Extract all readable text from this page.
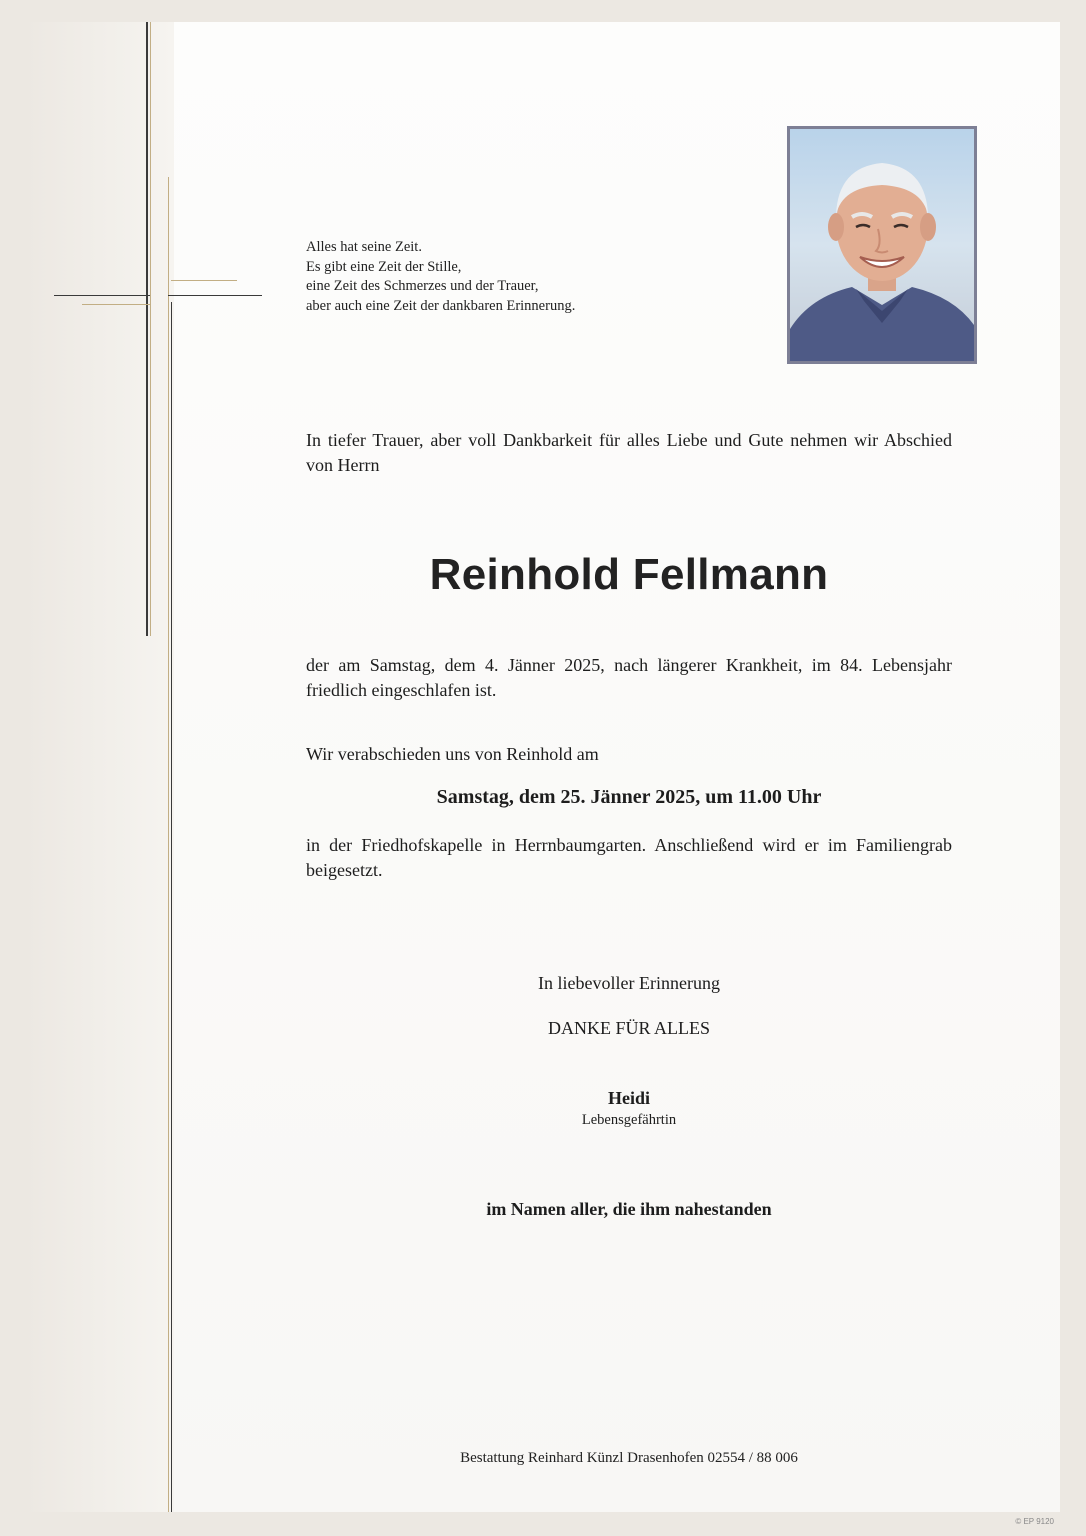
Alles hat seine Zeit.
Es gibt eine Zeit der Stille,
eine Zeit des Schmerzes und der Trauer,
aber auch eine Zeit der dankbaren Erinnerung.
In tiefer Trauer, aber voll Dankbarkeit für alles Liebe und Gute nehmen wir Abschied von Herrn
Reinhold Fellmann
der am Samstag, dem 4. Jänner 2025, nach längerer Krankheit, im 84. Lebensjahr friedlich eingeschlafen ist.
Wir verabschieden uns von Reinhold am
Samstag, dem 25. Jänner 2025, um 11.00 Uhr
in der Friedhofskapelle in Herrnbaumgarten. Anschließend wird er im Familiengrab beigesetzt.
In liebevoller Erinnerung
DANKE FÜR ALLES
Heidi
Lebensgefährtin
im Namen aller, die ihm nahestanden
Bestattung Reinhard Künzl Drasenhofen 02554 / 88 006
© EP 9120
